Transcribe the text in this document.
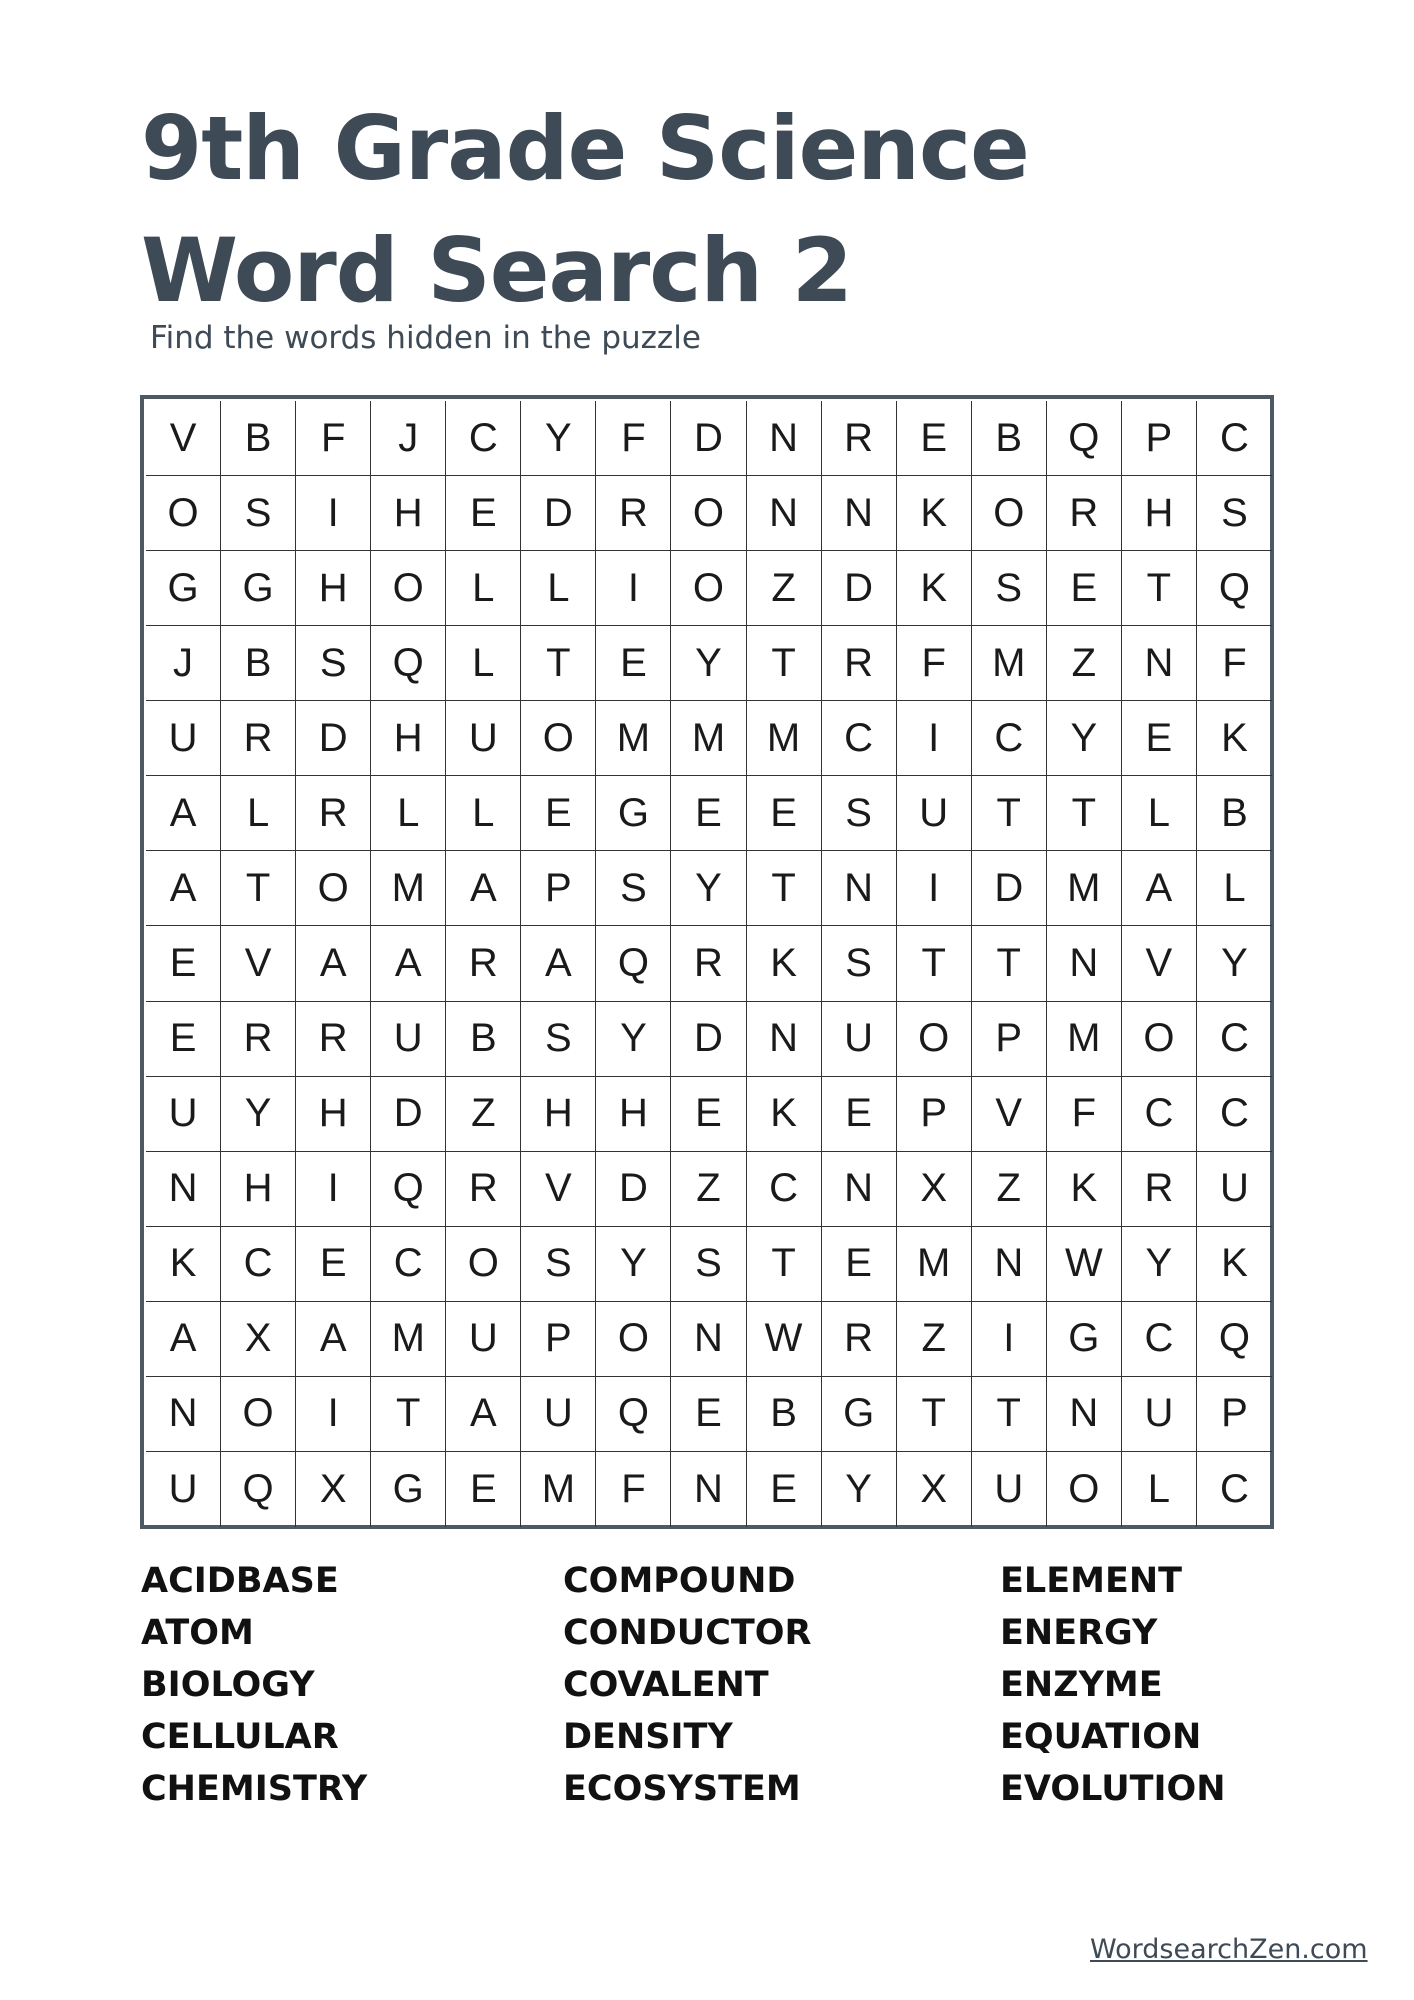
9th Grade Science
Word Search 2
Find the words hidden in the puzzle
V	B	F	J	C	Y	F	D	N	R	E	B	Q	P	C
O	S	I	H	E	D	R	O	N	N	K	O	R	H	S
G	G	H	O	L	L	I	O	Z	D	K	S	E	T	Q
J	B	S	Q	L	T	E	Y	T	R	F	M	Z	N	F
U	R	D	H	U	O	M	M	M	C	I	C	Y	E	K
A	L	R	L	L	E	G	E	E	S	U	T	T	L	B
A	T	O	M	A	P	S	Y	T	N	I	D	M	A	L
E	V	A	A	R	A	Q	R	K	S	T	T	N	V	Y
E	R	R	U	B	S	Y	D	N	U	O	P	M	O	C
U	Y	H	D	Z	H	H	E	K	E	P	V	F	C	C
N	H	I	Q	R	V	D	Z	C	N	X	Z	K	R	U
K	C	E	C	O	S	Y	S	T	E	M	N	W	Y	K
A	X	A	M	U	P	O	N	W	R	Z	I	G	C	Q
N	O	I	T	A	U	Q	E	B	G	T	T	N	U	P
U	Q	X	G	E	M	F	N	E	Y	X	U	O	L	C
ACIDBASE
ATOM
BIOLOGY
CELLULAR
CHEMISTRY
COMPOUND
CONDUCTOR
COVALENT
DENSITY
ECOSYSTEM
ELEMENT
ENERGY
ENZYME
EQUATION
EVOLUTION
WordsearchZen.com
